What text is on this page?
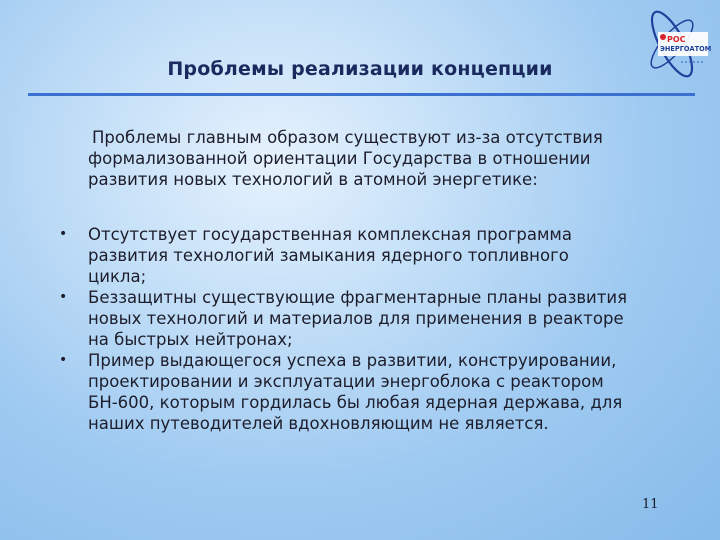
РОС
ЭНЕРГОАТОМ
Проблемы реализации концепции
Проблемы главным образом существуют из-за отсутствия
формализованной ориентации Государства в отношении
развития новых технологий в атомной энергетике:
• Отсутствует государственная комплексная программа
развития технологий замыкания ядерного топливного
цикла;
• Беззащитны существующие фрагментарные планы развития
новых технологий и материалов для применения в реакторе
на быстрых нейтронах;
• Пример выдающегося успеха в развитии, конструировании,
проектировании и эксплуатации энергоблока с реактором
БН-600, которым гордилась бы любая ядерная держава, для
наших путеводителей вдохновляющим не является.
11
